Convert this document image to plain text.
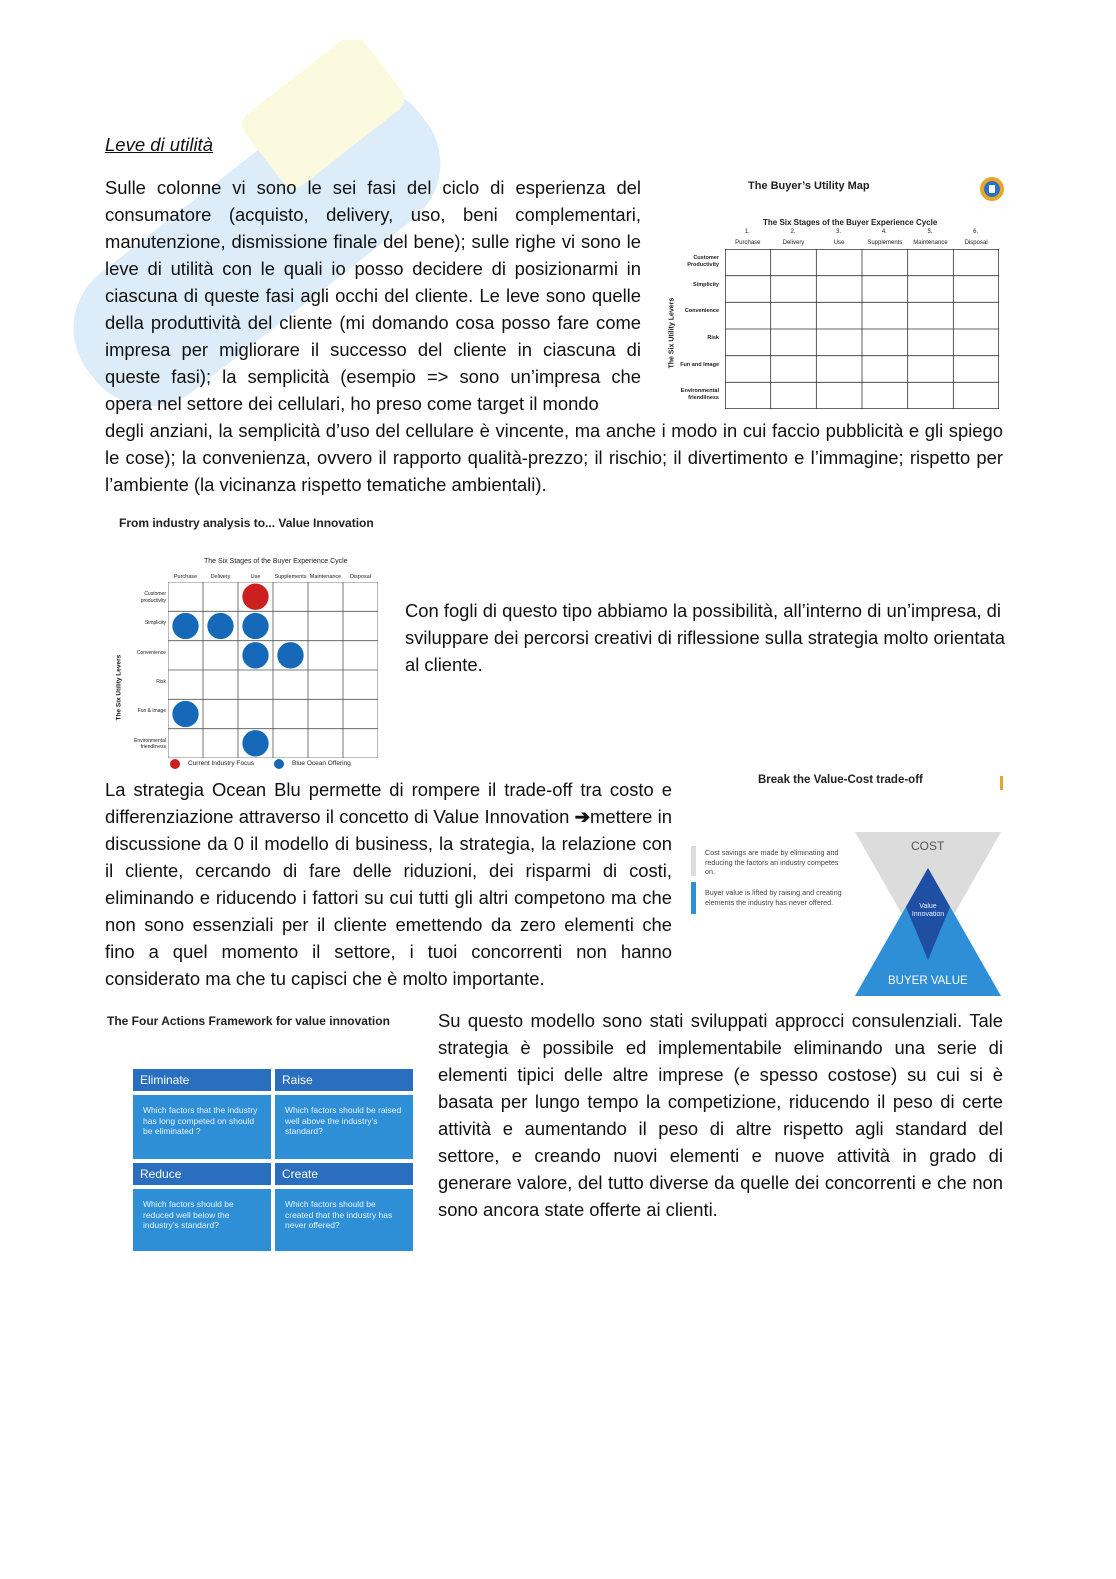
Leve di utilità

Sulle colonne vi sono le sei fasi del ciclo di esperienza del consumatore (acquisto, delivery, uso, beni complementari, manutenzione, dismissione finale del bene); sulle righe vi sono le leve di utilità con le quali io posso decidere di posizionarmi in ciascuna di queste fasi agli occhi del cliente. Le leve sono quelle della produttività del cliente (mi domando cosa posso fare come impresa per migliorare il successo del cliente in ciascuna di queste fasi); la semplicità (esempio => sono un’impresa che opera nel settore dei cellulari, ho preso come target il mondo

degli anziani, la semplicità d’uso del cellulare è vincente, ma anche i modo in cui faccio pubblicità e gli spiego le cose); la convenienza, ovvero il rapporto qualità-prezzo; il rischio; il divertimento e l’immagine; rispetto per l’ambiente (la vicinanza rispetto tematiche ambientali).

The Buyer’s Utility Map
The Six Stages of the Buyer Experience Cycle
The Six Utility Levers
1.
Purchase
2.
Delivery
3.
Use
4.
Supplements
5.
Maintenance
6.
Disposal
Customer Productivity
Simplicity
Convenience
Risk
Fun and Image
Environmental friendliness
From industry analysis to... Value Innovation
The Six Stages of the Buyer Experience Cycle
The Six Utility Levers
Purchase	Delivery	Use	Supplements Maintenance	Disposal
Customer productivity
Simplicity
Convenience
Risk
Fun & image
Environmental friendliness
Current Industry Focus	Blue Ocean Offering

Con fogli di questo tipo abbiamo la possibilità, all’interno di un’impresa, di sviluppare dei percorsi creativi di riflessione sulla strategia molto orientata al cliente.

La strategia Ocean Blu permette di rompere il trade-off tra costo e differenziazione attraverso il concetto di Value Innovation ➔mettere in discussione da 0 il modello di business, la strategia, la relazione con il cliente, cercando di fare delle riduzioni, dei risparmi di costi, eliminando e riducendo i fattori su cui tutti gli altri competono ma che non sono essenziali per il cliente emettendo da zero elementi che fino a quel momento il settore, i tuoi concorrenti non hanno considerato ma che tu capisci che è molto importante.

Break the Value-Cost trade-off
Cost savings are made by eliminating and reducing the factors an industry competes on.
Buyer value is lifted by raising and creating elements the industry has never offered.
COST
Value Innovation
BUYER VALUE
The Four Actions Framework for value innovation
Eliminate
Which factors that the industry has long competed on should be eliminated ?
Raise
Which factors should be raised well above the industry’s standard?
Reduce
Which factors should be reduced well below the industry’s standard?
Create
Which factors should be created that the industry has never offered?

Su questo modello sono stati sviluppati approcci consulenziali. Tale strategia è possibile ed implementabile eliminando una serie di elementi tipici delle altre imprese (e spesso costose) su cui si è basata per lungo tempo la competizione, riducendo il peso di certe attività e aumentando il peso di altre rispetto agli standard del settore, e creando nuovi elementi e nuove attività in grado di generare valore, del tutto diverse da quelle dei concorrenti e che non sono ancora state offerte ai clienti.
